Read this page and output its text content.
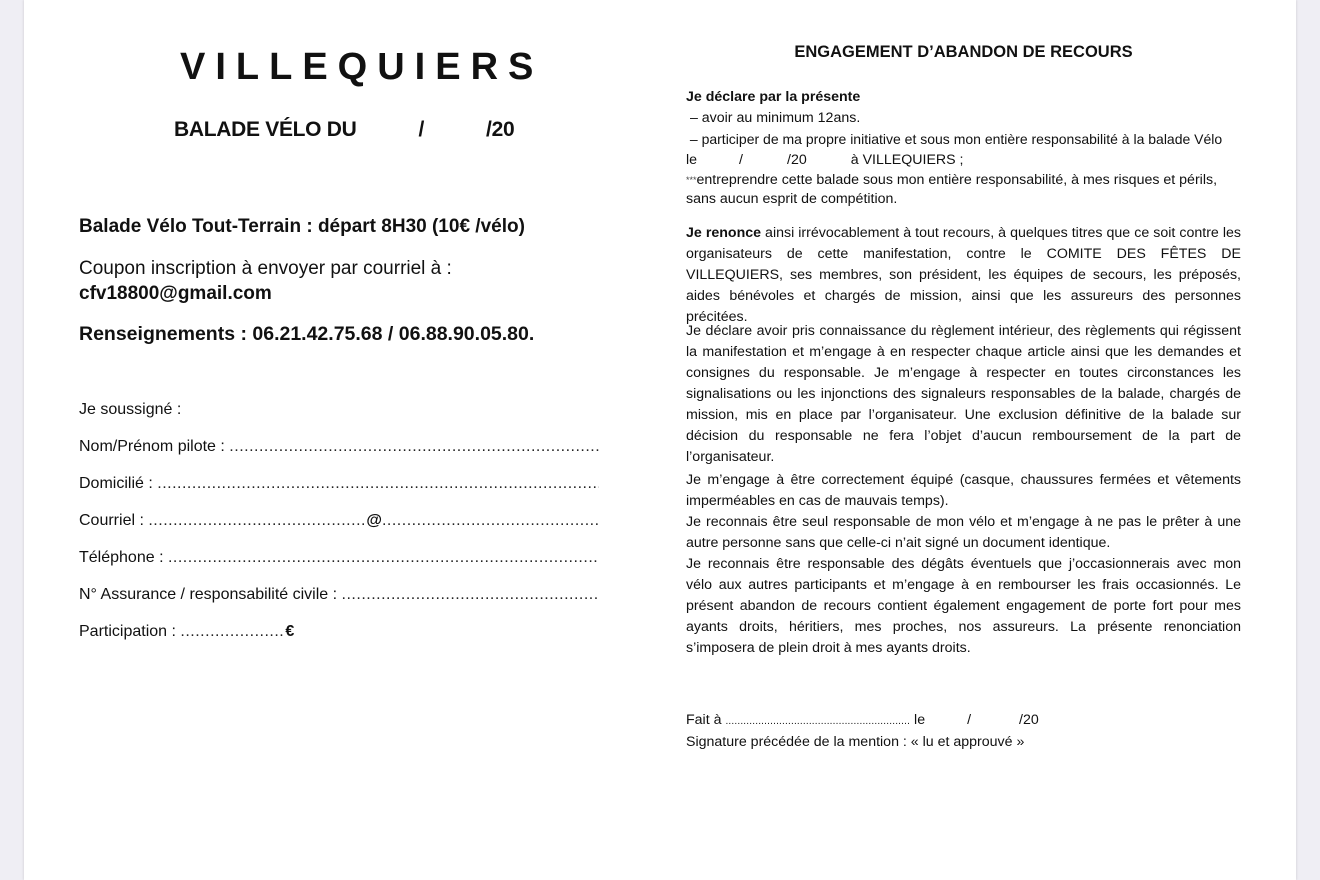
VILLEQUIERS
BALADE VÉLO DU	/	/20
Balade Vélo Tout-Terrain : départ 8H30 (10€ /vélo)
Coupon inscription à envoyer par courriel à :
cfv18800@gmail.com
Renseignements : 06.21.42.75.68 / 06.88.90.05.80.
Je soussigné :
Nom/Prénom pilote :

.....
Domicilié :

.....
Courriel :
.....	@
.....
Téléphone :

.....
N° Assurance / responsabilité civile :

.....
Participation :
.....	€
ENGAGEMENT D’ABANDON DE RECOURS

Je déclare par la présente

– avoir au minimum 12ans.

– participer de ma propre initiative et sous mon entière responsabilité à la balade Vélo

le	/	/20	à VILLEQUIERS ;

***entreprendre cette balade sous mon entière responsabilité, à mes risques et périls, sans aucun esprit de compétition.

Je renonce ainsi irrévocablement à tout recours, à quelques titres que ce soit contre les organisateurs de cette manifestation, contre le COMITE DES FÊTES DE VILLEQUIERS, ses membres, son président, les équipes de secours, les préposés, aides bénévoles et chargés de mission, ainsi que les assureurs des personnes précitées.
Je déclare avoir pris connaissance du règlement intérieur, des règlements qui régissent la manifestation et m’engage à en respecter chaque article ainsi que les demandes et consignes du responsable. Je m’engage à respecter en toutes circonstances les signalisations ou les injonctions des signaleurs responsables de la balade, chargés de mission, mis en place par l’organisateur. Une exclusion définitive de la balade sur décision du responsable ne fera l’objet d’aucun remboursement de la part de l’organisateur.
Je m’engage à être correctement équipé (casque, chaussures fermées et vêtements imperméables en cas de mauvais temps).
Je reconnais être seul responsable de mon vélo et m’engage à ne pas le prêter à une autre personne sans que celle-ci n’ait signé un document identique.
Je reconnais être responsable des dégâts éventuels que j’occasionnerais avec mon vélo aux autres participants et m’engage à en rembourser les frais occasionnés. Le présent abandon de recours contient également engagement de porte fort pour mes ayants droits, héritiers, mes proches, nos assureurs. La présente renonciation s’imposera de plein droit à mes ayants droits.
Fait à .............................................................. le	/	/20
Signature précédée de la mention : « lu et approuvé »
